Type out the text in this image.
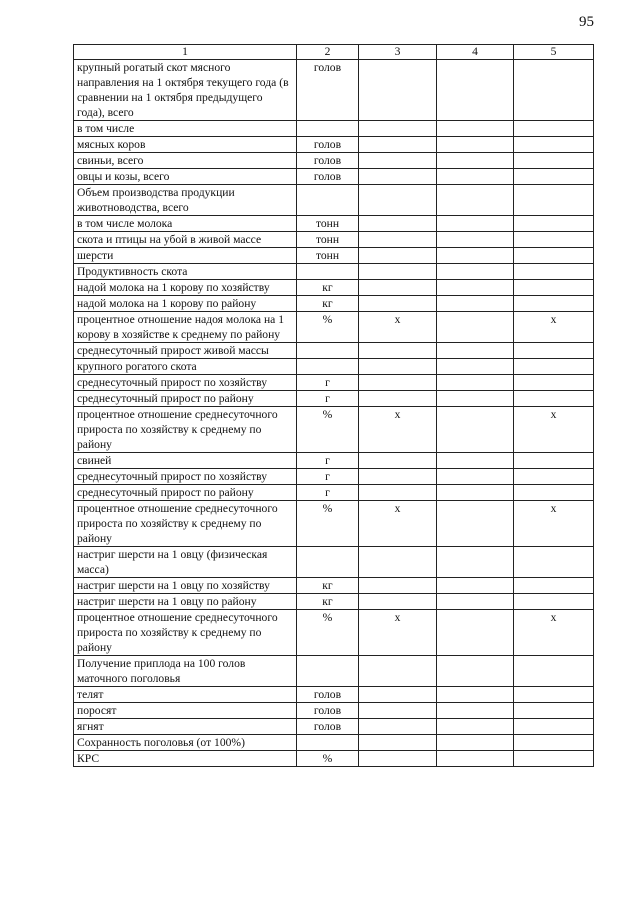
95
1	2	3	4	5
крупный рогатый скот мясного направления на 1 октября текущего года (в сравнении на 1 октября предыдущего года), всего	голов			
в том числе				
мясных коров	голов			
свиньи, всего	голов			
овцы и козы, всего	голов			
Объем производства продукции животноводства, всего				
в том числе молока	тонн			
скота и птицы на убой в живой массе	тонн			
шерсти	тонн			
Продуктивность скота				
надой молока на 1 корову по хозяйству	кг			
надой молока на 1 корову по району	кг			
процентное отношение надоя молока на 1 корову в хозяйстве к среднему по району	%	х		х
среднесуточный прирост живой массы				
крупного рогатого скота				
среднесуточный прирост по хозяйству	г			
среднесуточный прирост по району	г			
процентное отношение среднесуточного прироста по хозяйству к среднему по району	%	х		х
свиней	г			
среднесуточный прирост по хозяйству	г			
среднесуточный прирост по району	г			
процентное отношение среднесуточного прироста по хозяйству к среднему по району	%	х		х
настриг шерсти на 1 овцу (физическая масса)				
настриг шерсти на 1 овцу по хозяйству	кг			
настриг шерсти на 1 овцу по району	кг			
процентное отношение среднесуточного прироста по хозяйству к среднему по району	%	х		х
Получение приплода на 100 голов маточного поголовья				
телят	голов			
поросят	голов			
ягнят	голов			
Сохранность поголовья (от 100%)				
КРС	%			
